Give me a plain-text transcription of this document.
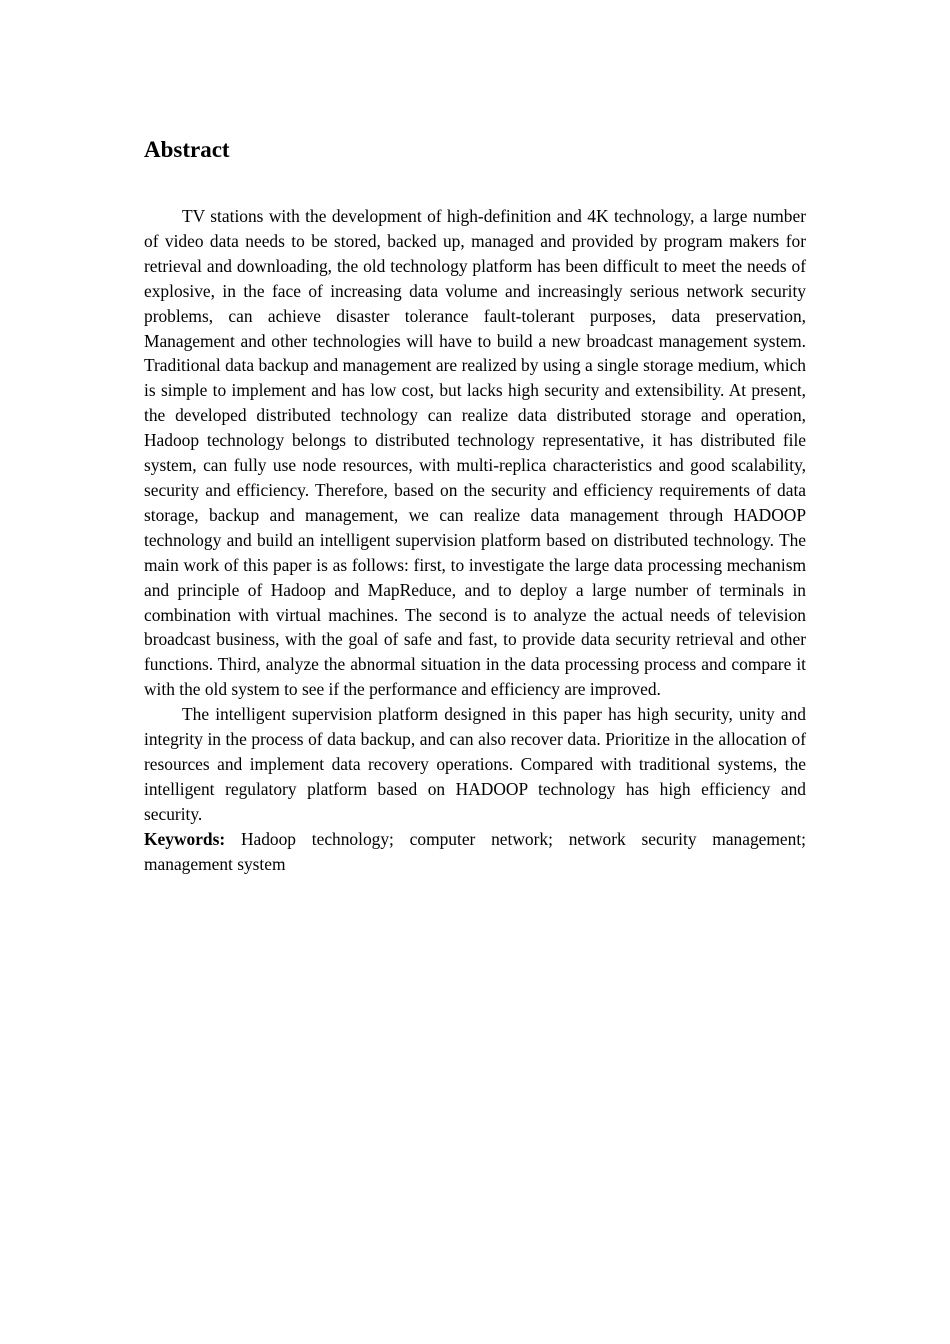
Abstract

TV stations with the development of high-definition and 4K technology, a large number of video data needs to be stored, backed up, managed and provided by program makers for retrieval and downloading, the old technology platform has been difficult to meet the needs of explosive, in the face of increasing data volume and increasingly serious network security problems, can achieve disaster tolerance fault-tolerant purposes, data preservation, Management and other technologies will have to build a new broadcast management system. Traditional data backup and management are realized by using a single storage medium, which is simple to implement and has low cost, but lacks high security and extensibility. At present, the developed distributed technology can realize data distributed storage and operation, Hadoop technology belongs to distributed technology representative, it has distributed file system, can fully use node resources, with multi-replica characteristics and good scalability, security and efficiency. Therefore, based on the security and efficiency requirements of data storage, backup and management, we can realize data management through HADOOP technology and build an intelligent supervision platform based on distributed technology. The main work of this paper is as follows: first, to investigate the large data processing mechanism and principle of Hadoop and MapReduce, and to deploy a large number of terminals in combination with virtual machines. The second is to analyze the actual needs of television broadcast business, with the goal of safe and fast, to provide data security retrieval and other functions. Third, analyze the abnormal situation in the data processing process and compare it with the old system to see if the performance and efficiency are improved.

The intelligent supervision platform designed in this paper has high security, unity and integrity in the process of data backup, and can also recover data. Prioritize in the allocation of resources and implement data recovery operations. Compared with traditional systems, the intelligent regulatory platform based on HADOOP technology has high efficiency and security.

Keywords: Hadoop technology; computer network; network security management; management system
